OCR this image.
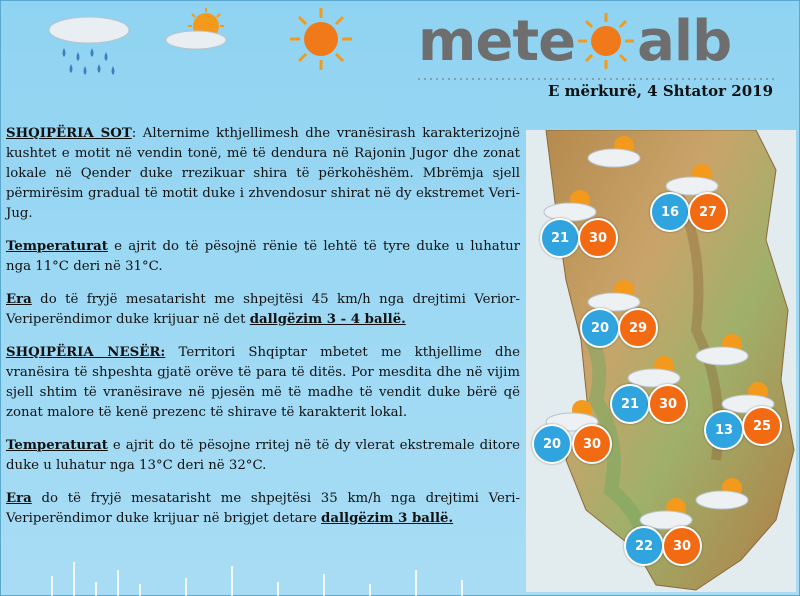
mete alb
E mërkurë, 4 Shtator 2019

SHQIPËRIA SOT: Alternime kthjellimesh dhe vranësirash karakterizojnë kushtet e motit në vendin tonë, më të dendura në Rajonin Jugor dhe zonat lokale në Qender duke rrezikuar shira të përkohëshëm. Mbrëmja sjell përmirësim gradual të motit duke i zhvendosur shirat në dy ekstremet Veri-Jug.

Temperaturat e ajrit do të pësojnë rënie të lehtë të tyre duke u luhatur nga 11°C deri në 31°C.

Era do të fryjë mesatarisht me shpejtësi 45 km/h nga drejtimi Verior- Veriperëndimor duke krijuar në det dallgëzim 3 - 4 ballë.

SHQIPËRIA NESËR: Territori Shqiptar mbetet me kthjellime dhe vranësira të shpeshta gjatë orëve të para të ditës. Por mesdita dhe në vijim sjell shtim të vranësirave në pjesën më të madhe të vendit duke bërë që zonat malore të kenë prezenc të shirave të karakterit lokal.

Temperaturat e ajrit do të pësojne rritej në të dy vlerat ekstremale ditore duke u luhatur nga 13°C deri në 32°C.

Era do të fryjë mesatarisht me shpejtësi 35 km/h nga drejtimi Veri-Veriperëndimor duke krijuar në brigjet detare dallgëzim 3 ballë.

16	27
21	30
20	29
21	30
13	25
20	30
22	30
